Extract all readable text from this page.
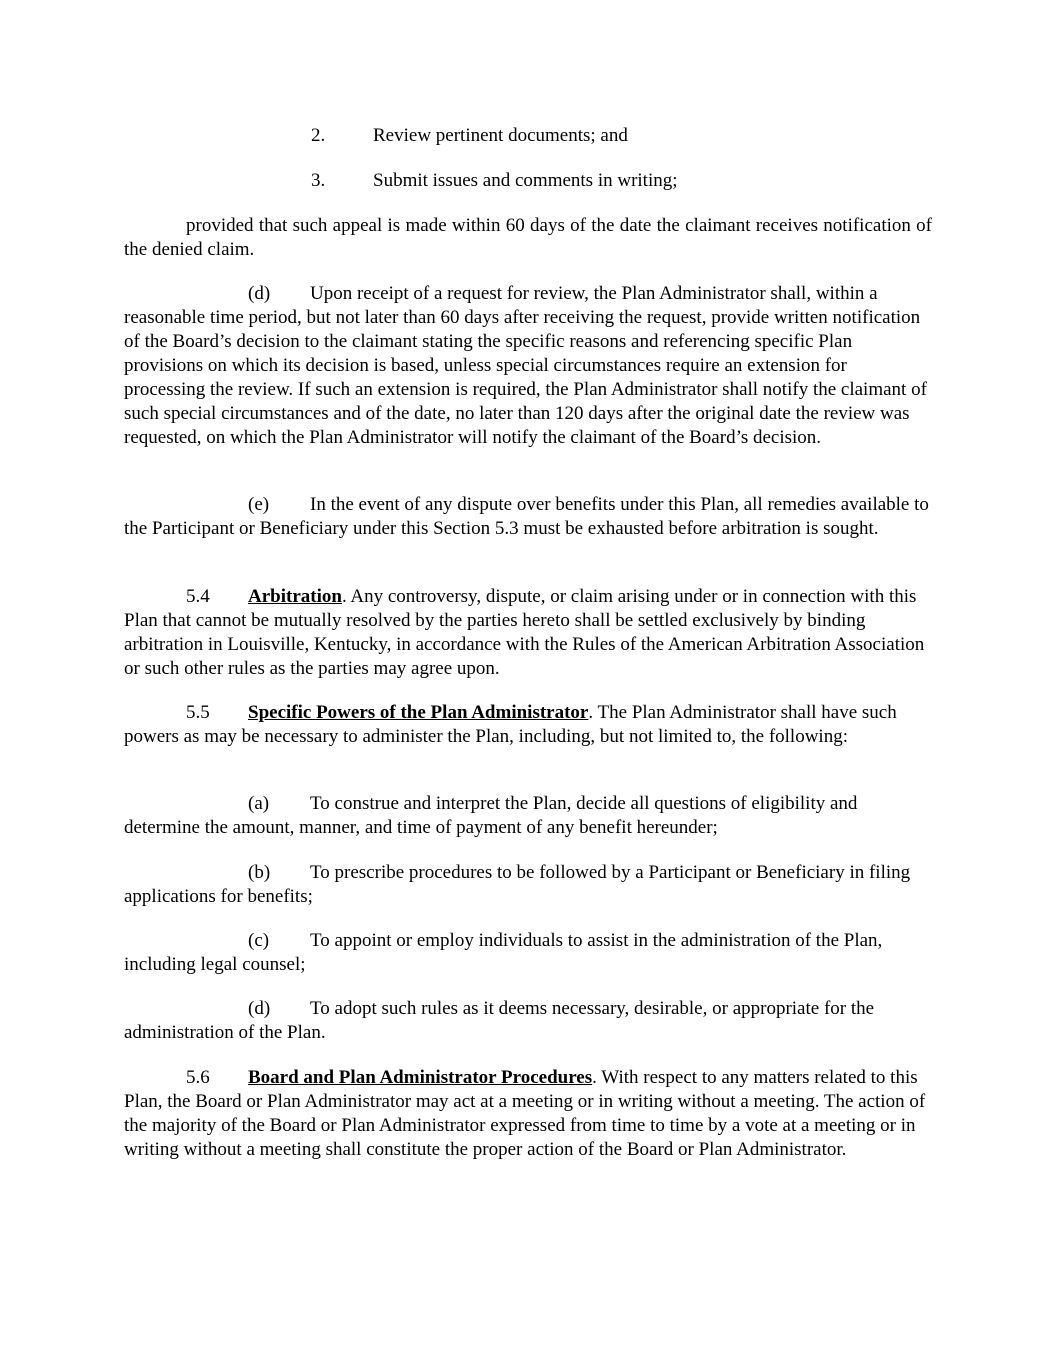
2.	Review pertinent documents; and

3.	Submit issues and comments in writing;

provided that such appeal is made within 60 days of the date the claimant receives notification of the denied claim.

(d) Upon receipt of a request for review, the Plan Administrator shall, within a reasonable time period, but not later than 60 days after receiving the request, provide written notification of the Board’s decision to the claimant stating the specific reasons and referencing specific Plan provisions on which its decision is based, unless special circumstances require an extension for processing the review. If such an extension is required, the Plan Administrator shall notify the claimant of such special circumstances and of the date, no later than 120 days after the original date the review was requested, on which the Plan Administrator will notify the claimant of the Board’s decision.

(e) In the event of any dispute over benefits under this Plan, all remedies available to the Participant or Beneficiary under this Section 5.3 must be exhausted before arbitration is sought.

5.4 Arbitration. Any controversy, dispute, or claim arising under or in connection with this Plan that cannot be mutually resolved by the parties hereto shall be settled exclusively by binding arbitration in Louisville, Kentucky, in accordance with the Rules of the American Arbitration Association or such other rules as the parties may agree upon.

5.5 Specific Powers of the Plan Administrator. The Plan Administrator shall have such powers as may be necessary to administer the Plan, including, but not limited to, the following:

(a) To construe and interpret the Plan, decide all questions of eligibility and determine the amount, manner, and time of payment of any benefit hereunder;

(b) To prescribe procedures to be followed by a Participant or Beneficiary in filing applications for benefits;

(c) To appoint or employ individuals to assist in the administration of the Plan, including legal counsel;

(d) To adopt such rules as it deems necessary, desirable, or appropriate for the administration of the Plan.

5.6 Board and Plan Administrator Procedures. With respect to any matters related to this Plan, the Board or Plan Administrator may act at a meeting or in writing without a meeting. The action of the majority of the Board or Plan Administrator expressed from time to time by a vote at a meeting or in writing without a meeting shall constitute the proper action of the Board or Plan Administrator.
